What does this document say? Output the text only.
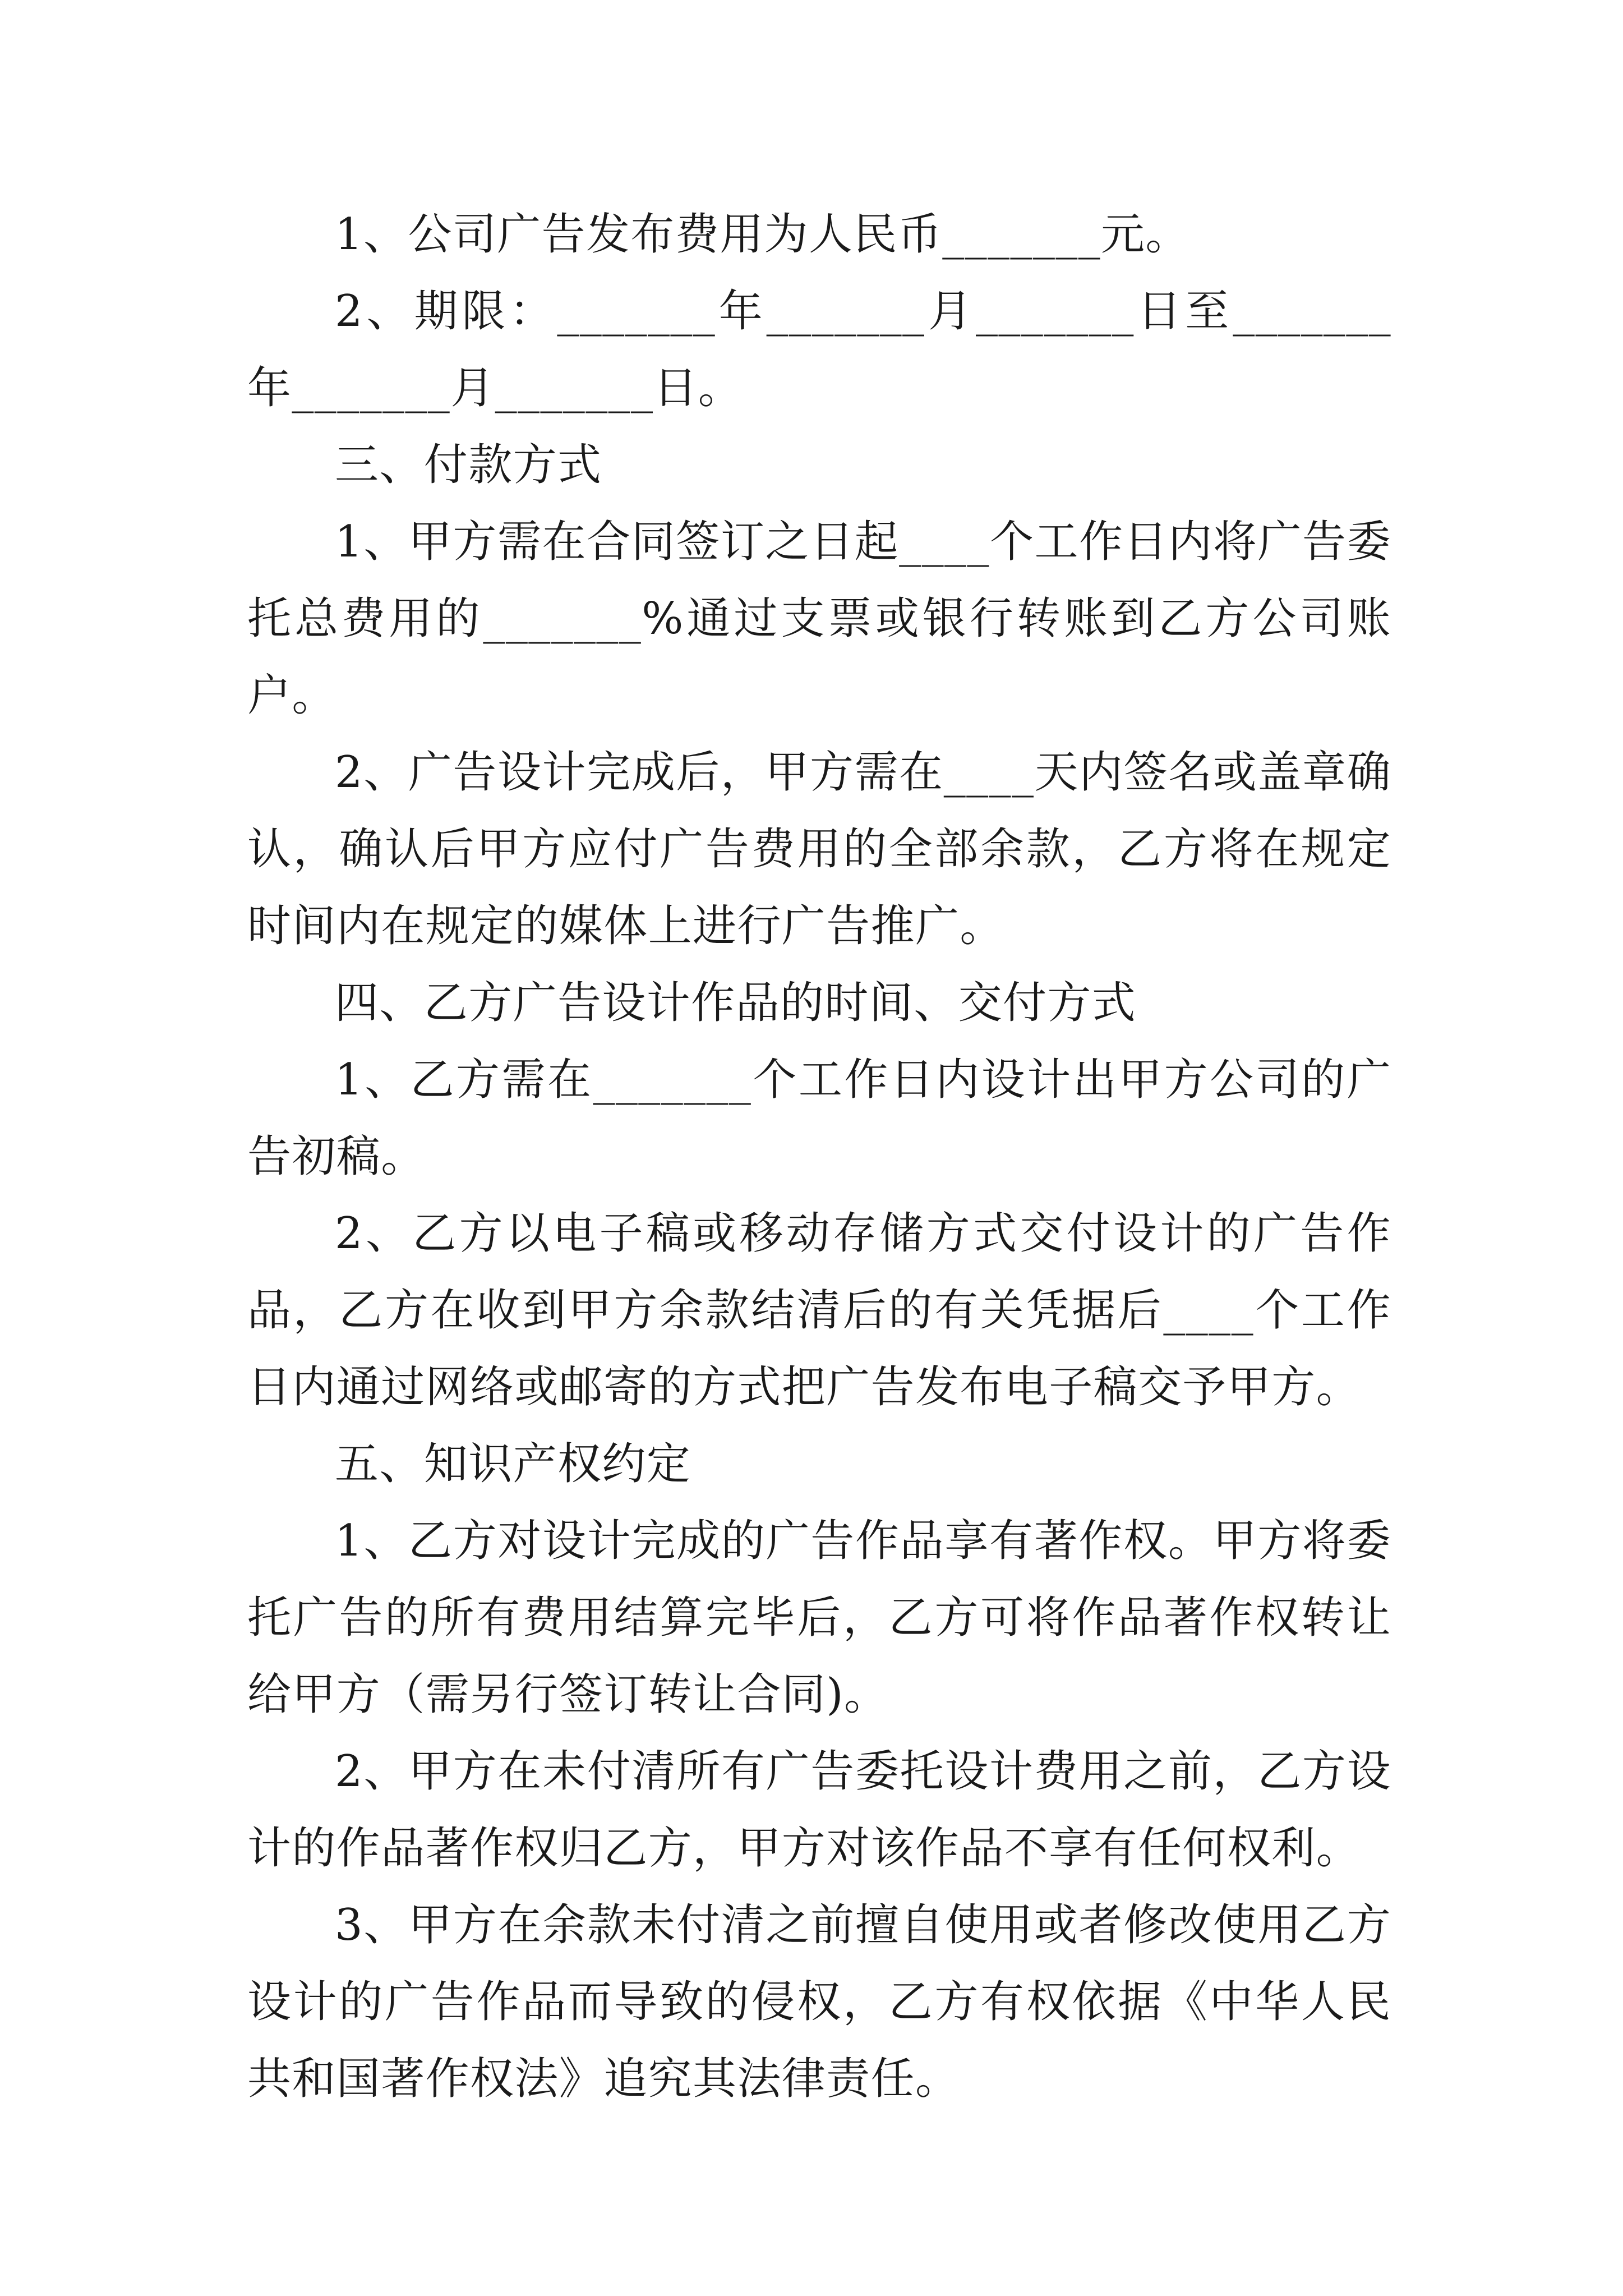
1、公司广告发布费用为人民币_______元。

2、期限：_______年_______月_______日至_______年_______月_______日。

三、付款方式

1、甲方需在合同签订之日起____个工作日内将广告委托总费用的_______%通过支票或银行转账到乙方公司账户。

2、广告设计完成后，甲方需在____天内签名或盖章确认，确认后甲方应付广告费用的全部余款，乙方将在规定时间内在规定的媒体上进行广告推广。

四、乙方广告设计作品的时间、交付方式

1、乙方需在_______个工作日内设计出甲方公司的广告初稿。

2、乙方以电子稿或移动存储方式交付设计的广告作品，乙方在收到甲方余款结清后的有关凭据后____个工作日内通过网络或邮寄的方式把广告发布电子稿交予甲方。

五、知识产权约定

1、乙方对设计完成的广告作品享有著作权。甲方将委托广告的所有费用结算完毕后，乙方可将作品著作权转让给甲方（需另行签订转让合同)。

2、甲方在未付清所有广告委托设计费用之前，乙方设计的作品著作权归乙方，甲方对该作品不享有任何权利。

3、甲方在余款未付清之前擅自使用或者修改使用乙方设计的广告作品而导致的侵权，乙方有权依据《中华人民共和国著作权法》追究其法律责任。
